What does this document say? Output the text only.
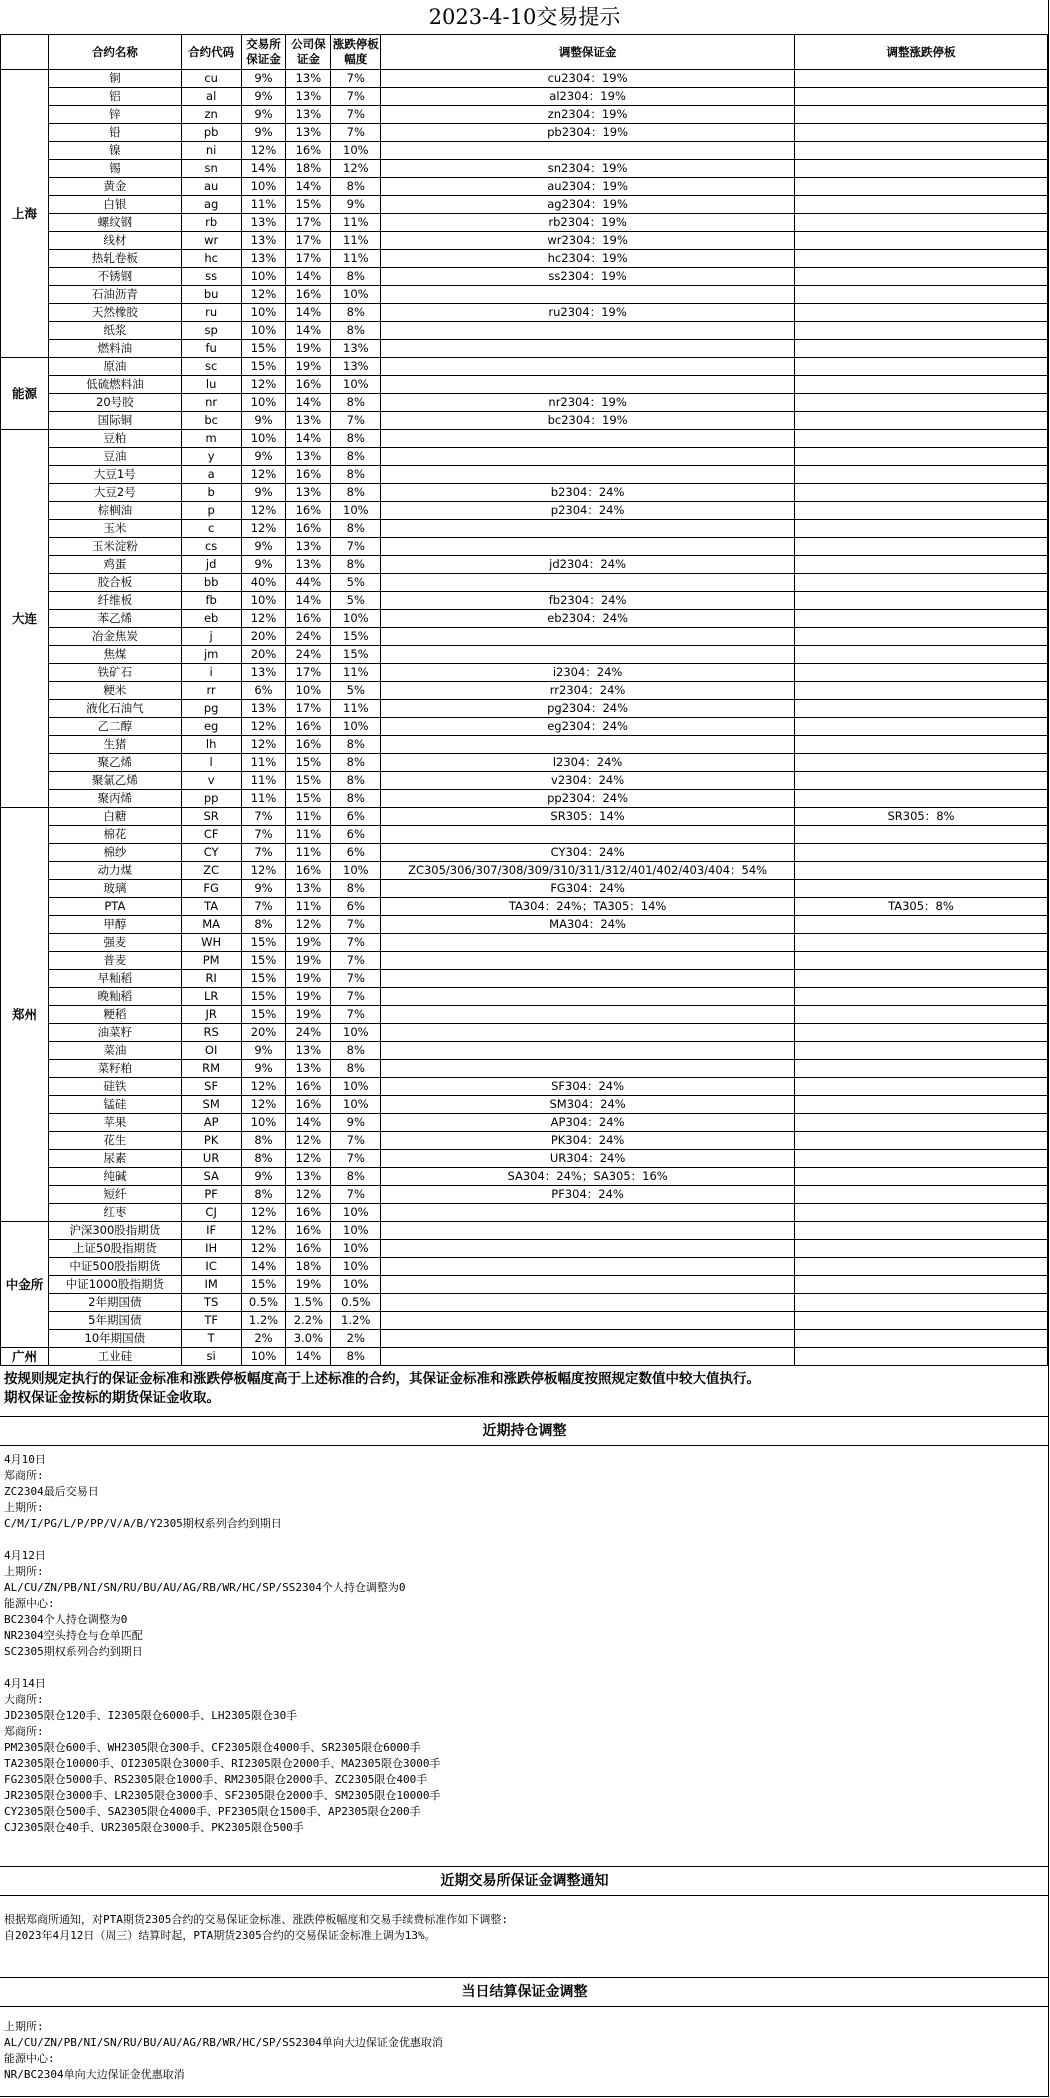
2023-4-10交易提示
	合约名称	合约代码	交易所保证金	公司保证金	涨跌停板幅度	调整保证金	调整涨跌停板
上海	铜	cu	9%	13%	7%	cu2304：19%	
	铝	al	9%	13%	7%	al2304：19%	
	锌	zn	9%	13%	7%	zn2304：19%	
	铅	pb	9%	13%	7%	pb2304：19%	
	镍	ni	12%	16%	10%		
	锡	sn	14%	18%	12%	sn2304：19%	
	黄金	au	10%	14%	8%	au2304：19%	
	白银	ag	11%	15%	9%	ag2304：19%	
	螺纹钢	rb	13%	17%	11%	rb2304：19%	
	线材	wr	13%	17%	11%	wr2304：19%	
	热轧卷板	hc	13%	17%	11%	hc2304：19%	
	不锈钢	ss	10%	14%	8%	ss2304：19%	
	石油沥青	bu	12%	16%	10%		
	天然橡胶	ru	10%	14%	8%	ru2304：19%	
	纸浆	sp	10%	14%	8%		
	燃料油	fu	15%	19%	13%		
能源	原油	sc	15%	19%	13%		
	低硫燃料油	lu	12%	16%	10%		
	20号胶	nr	10%	14%	8%	nr2304：19%	
	国际铜	bc	9%	13%	7%	bc2304：19%	
大连	豆粕	m	10%	14%	8%		
	豆油	y	9%	13%	8%		
	大豆1号	a	12%	16%	8%		
	大豆2号	b	9%	13%	8%	b2304：24%	
	棕榈油	p	12%	16%	10%	p2304：24%	
	玉米	c	12%	16%	8%		
	玉米淀粉	cs	9%	13%	7%		
	鸡蛋	jd	9%	13%	8%	jd2304：24%	
	胶合板	bb	40%	44%	5%		
	纤维板	fb	10%	14%	5%	fb2304：24%	
	苯乙烯	eb	12%	16%	10%	eb2304：24%	
	冶金焦炭	j	20%	24%	15%		
	焦煤	jm	20%	24%	15%		
	铁矿石	i	13%	17%	11%	i2304：24%	
	粳米	rr	6%	10%	5%	rr2304：24%	
	液化石油气	pg	13%	17%	11%	pg2304：24%	
	乙二醇	eg	12%	16%	10%	eg2304：24%	
	生猪	lh	12%	16%	8%		
	聚乙烯	l	11%	15%	8%	l2304：24%	
	聚氯乙烯	v	11%	15%	8%	v2304：24%	
	聚丙烯	pp	11%	15%	8%	pp2304：24%	
郑州	白糖	SR	7%	11%	6%	SR305：14%	SR305：8%
	棉花	CF	7%	11%	6%		
	棉纱	CY	7%	11%	6%	CY304：24%	
	动力煤	ZC	12%	16%	10%	ZC305/306/307/308/309/310/311/312/401/402/403/404：54%	
	玻璃	FG	9%	13%	8%	FG304：24%	
	PTA	TA	7%	11%	6%	TA304：24%；TA305：14%	TA305：8%
	甲醇	MA	8%	12%	7%	MA304：24%	
	强麦	WH	15%	19%	7%		
	普麦	PM	15%	19%	7%		
	早籼稻	RI	15%	19%	7%		
	晚籼稻	LR	15%	19%	7%		
	粳稻	JR	15%	19%	7%		
	油菜籽	RS	20%	24%	10%		
	菜油	OI	9%	13%	8%		
	菜籽粕	RM	9%	13%	8%		
	硅铁	SF	12%	16%	10%	SF304：24%	
	锰硅	SM	12%	16%	10%	SM304：24%	
	苹果	AP	10%	14%	9%	AP304：24%	
	花生	PK	8%	12%	7%	PK304：24%	
	尿素	UR	8%	12%	7%	UR304：24%	
	纯碱	SA	9%	13%	8%	SA304：24%；SA305：16%	
	短纤	PF	8%	12%	7%	PF304：24%	
	红枣	CJ	12%	16%	10%		
中金所	沪深300股指期货	IF	12%	16%	10%		
	上证50股指期货	IH	12%	16%	10%		
	中证500股指期货	IC	14%	18%	10%		
	中证1000股指期货	IM	15%	19%	10%		
	2年期国债	TS	0.5%	1.5%	0.5%		
	5年期国债	TF	1.2%	2.2%	1.2%		
	10年期国债	T	2%	3.0%	2%		
广州	工业硅	si	10%	14%	8%		
按规则规定执行的保证金标准和涨跌停板幅度高于上述标准的合约，其保证金标准和涨跌停板幅度按照规定数值中较大值执行。
期权保证金按标的期货保证金收取。
近期持仓调整
4月10日
郑商所:
ZC2304最后交易日
上期所:
C/M/I/PG/L/P/PP/V/A/B/Y2305期权系列合约到期日

4月12日
上期所:
AL/CU/ZN/PB/NI/SN/RU/BU/AU/AG/RB/WR/HC/SP/SS2304个人持仓调整为0
能源中心:
BC2304个人持仓调整为0
NR2304空头持仓与仓单匹配
SC2305期权系列合约到期日

4月14日
大商所:
JD2305限仓120手、I2305限仓6000手、LH2305限仓30手
郑商所:
PM2305限仓600手、WH2305限仓300手、CF2305限仓4000手、SR2305限仓6000手
TA2305限仓10000手、OI2305限仓3000手、RI2305限仓2000手、MA2305限仓3000手
FG2305限仓5000手、RS2305限仓1000手、RM2305限仓2000手、ZC2305限仓400手
JR2305限仓3000手、LR2305限仓3000手、SF2305限仓2000手、SM2305限仓10000手
CY2305限仓500手、SA2305限仓4000手、PF2305限仓1500手、AP2305限仓200手
CJ2305限仓40手、UR2305限仓3000手、PK2305限仓500手
近期交易所保证金调整通知
根据郑商所通知，对PTA期货2305合约的交易保证金标准、涨跌停板幅度和交易手续费标准作如下调整:
自2023年4月12日（周三）结算时起，PTA期货2305合约的交易保证金标准上调为13%。
当日结算保证金调整
上期所:
AL/CU/ZN/PB/NI/SN/RU/BU/AU/AG/RB/WR/HC/SP/SS2304单向大边保证金优惠取消
能源中心:
NR/BC2304单向大边保证金优惠取消
